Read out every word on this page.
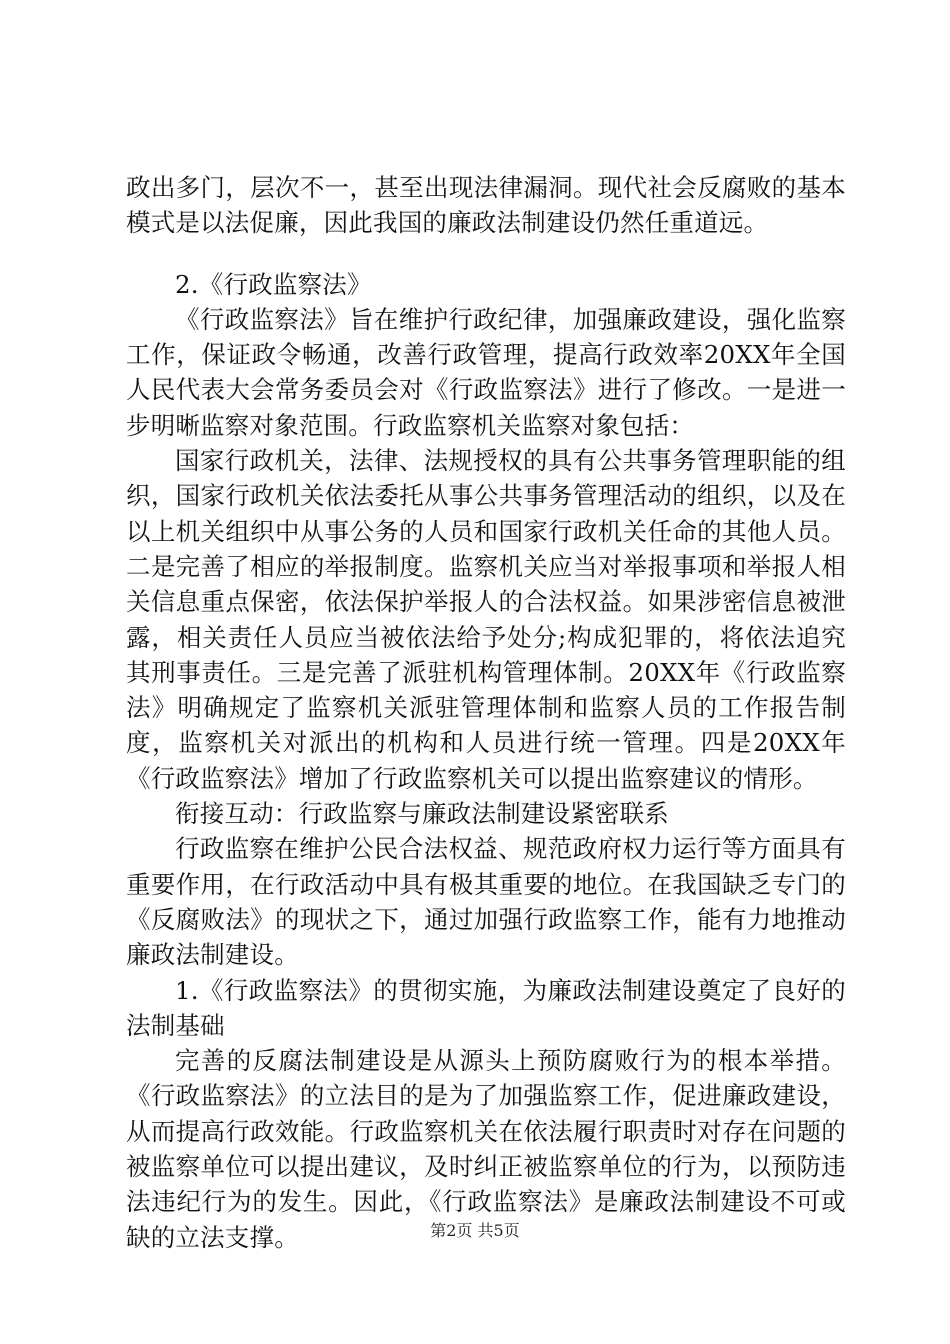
政出多门，层次不一，甚至出现法律漏洞。现代社会反腐败的基本模式是以法促廉，因此我国的廉政法制建设仍然任重道远。

2.《行政监察法》

《行政监察法》旨在维护行政纪律，加强廉政建设，强化监察工作，保证政令畅通，改善行政管理，提高行政效率20XX年全国人民代表大会常务委员会对《行政监察法》进行了修改。一是进一步明晰监察对象范围。行政监察机关监察对象包括：

国家行政机关，法律、法规授权的具有公共事务管理职能的组织，国家行政机关依法委托从事公共事务管理活动的组织，以及在以上机关组织中从事公务的人员和国家行政机关任命的其他人员。二是完善了相应的举报制度。监察机关应当对举报事项和举报人相关信息重点保密，依法保护举报人的合法权益。如果涉密信息被泄露，相关责任人员应当被依法给予处分;构成犯罪的，将依法追究其刑事责任。三是完善了派驻机构管理体制。20XX年《行政监察法》明确规定了监察机关派驻管理体制和监察人员的工作报告制度，监察机关对派出的机构和人员进行统一管理。四是20XX年《行政监察法》增加了行政监察机关可以提出监察建议的情形。

衔接互动：行政监察与廉政法制建设紧密联系

行政监察在维护公民合法权益、规范政府权力运行等方面具有重要作用，在行政活动中具有极其重要的地位。在我国缺乏专门的《反腐败法》的现状之下，通过加强行政监察工作，能有力地推动廉政法制建设。

1.《行政监察法》的贯彻实施，为廉政法制建设奠定了良好的法制基础

完善的反腐法制建设是从源头上预防腐败行为的根本举措。《行政监察法》的立法目的是为了加强监察工作，促进廉政建设，从而提高行政效能。行政监察机关在依法履行职责时对存在问题的被监察单位可以提出建议，及时纠正被监察单位的行为，以预防违法违纪行为的发生。因此，《行政监察法》是廉政法制建设不可或缺的立法支撑。	第2页 共5页
